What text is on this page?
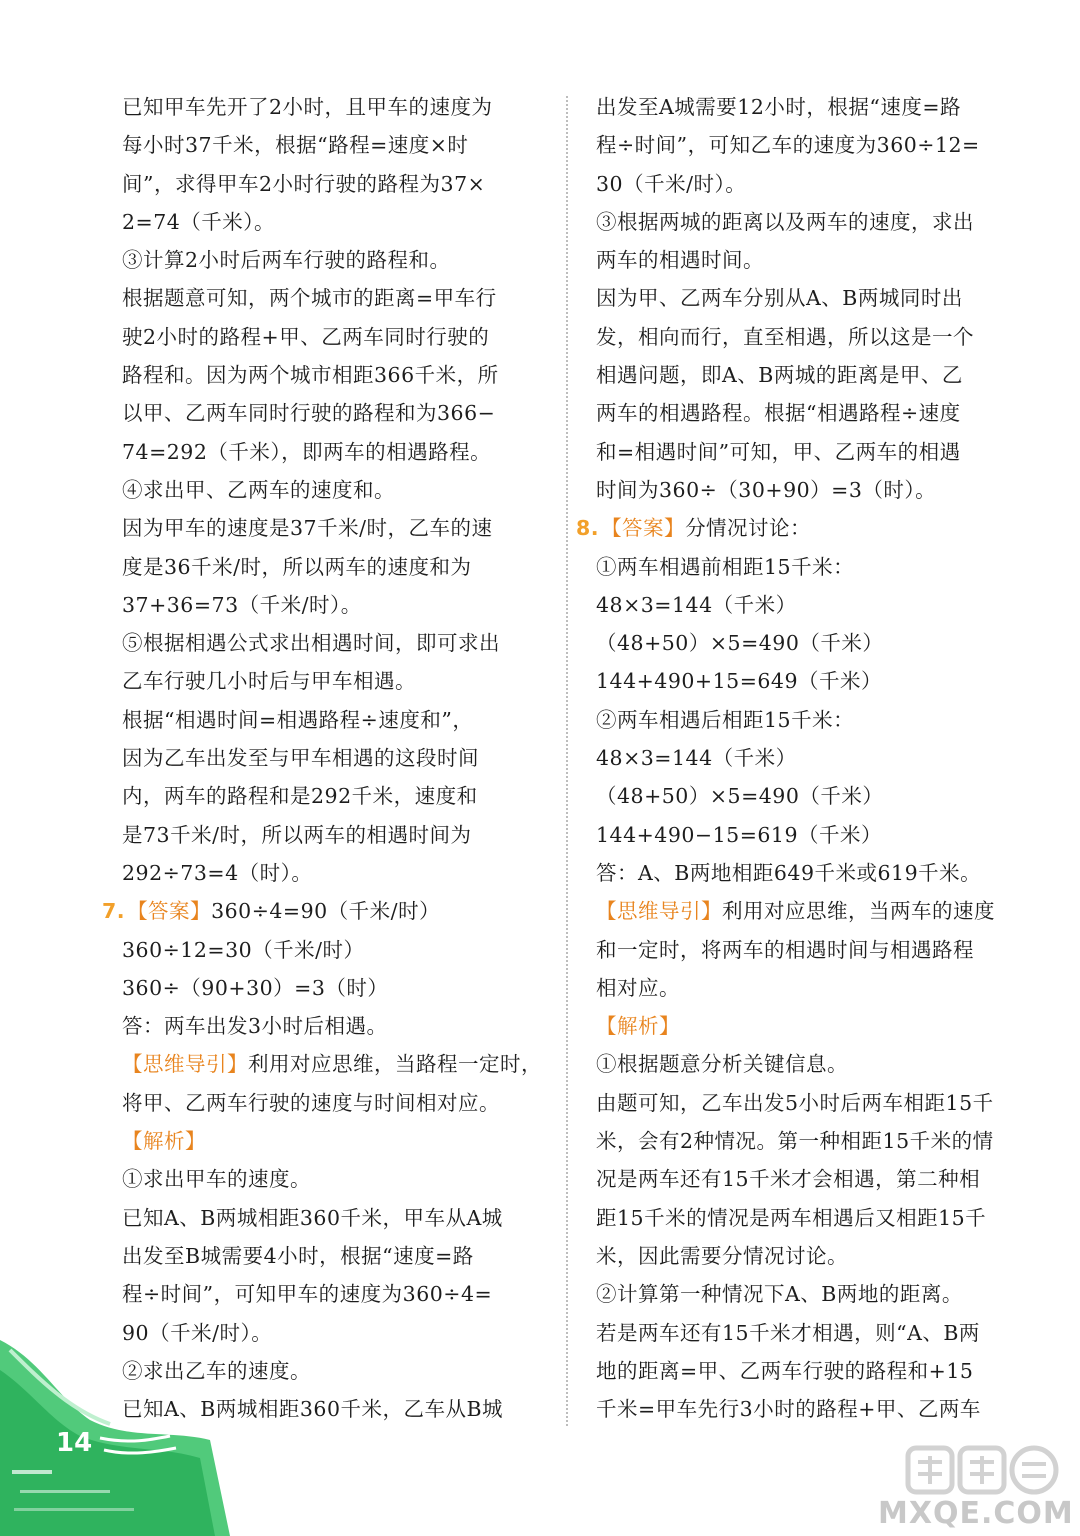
已知甲车先开了2小时，且甲车的速度为
每小时37千米，根据“路程=速度×时
间”，求得甲车2小时行驶的路程为37×
2=74（千米）。
③计算2小时后两车行驶的路程和。
根据题意可知，两个城市的距离=甲车行
驶2小时的路程+甲、乙两车同时行驶的
路程和。因为两个城市相距366千米，所
以甲、乙两车同时行驶的路程和为366−
74=292（千米），即两车的相遇路程。
④求出甲、乙两车的速度和。
因为甲车的速度是37千米/时，乙车的速
度是36千米/时，所以两车的速度和为
37+36=73（千米/时）。
⑤根据相遇公式求出相遇时间，即可求出
乙车行驶几小时后与甲车相遇。
根据“相遇时间=相遇路程÷速度和”，
因为乙车出发至与甲车相遇的这段时间
内，两车的路程和是292千米，速度和
是73千米/时，所以两车的相遇时间为
292÷73=4（时）。
7.【答案】360÷4=90（千米/时）
360÷12=30（千米/时）
360÷（90+30）=3（时）
答：两车出发3小时后相遇。
【思维导引】利用对应思维，当路程一定时，
将甲、乙两车行驶的速度与时间相对应。
【解析】
①求出甲车的速度。
已知A、B两城相距360千米，甲车从A城
出发至B城需要4小时，根据“速度=路
程÷时间”，可知甲车的速度为360÷4=
90（千米/时）。
②求出乙车的速度。
已知A、B两城相距360千米，乙车从B城
出发至A城需要12小时，根据“速度=路
程÷时间”，可知乙车的速度为360÷12=
30（千米/时）。
③根据两城的距离以及两车的速度，求出
两车的相遇时间。
因为甲、乙两车分别从A、B两城同时出
发，相向而行，直至相遇，所以这是一个
相遇问题，即A、B两城的距离是甲、乙
两车的相遇路程。根据“相遇路程÷速度
和=相遇时间”可知，甲、乙两车的相遇
时间为360÷（30+90）=3（时）。
8.【答案】分情况讨论：
①两车相遇前相距15千米：
48×3=144（千米）
（48+50）×5=490（千米）
144+490+15=649（千米）
②两车相遇后相距15千米：
48×3=144（千米）
（48+50）×5=490（千米）
144+490−15=619（千米）
答：A、B两地相距649千米或619千米。
【思维导引】利用对应思维，当两车的速度
和一定时，将两车的相遇时间与相遇路程
相对应。
【解析】
①根据题意分析关键信息。
由题可知，乙车出发5小时后两车相距15千
米，会有2种情况。第一种相距15千米的情
况是两车还有15千米才会相遇，第二种相
距15千米的情况是两车相遇后又相距15千
米，因此需要分情况讨论。
②计算第一种情况下A、B两地的距离。
若是两车还有15千米才相遇，则“A、B两
地的距离=甲、乙两车行驶的路程和+15
千米=甲车先行3小时的路程+甲、乙两车
14
MXQE.COM
